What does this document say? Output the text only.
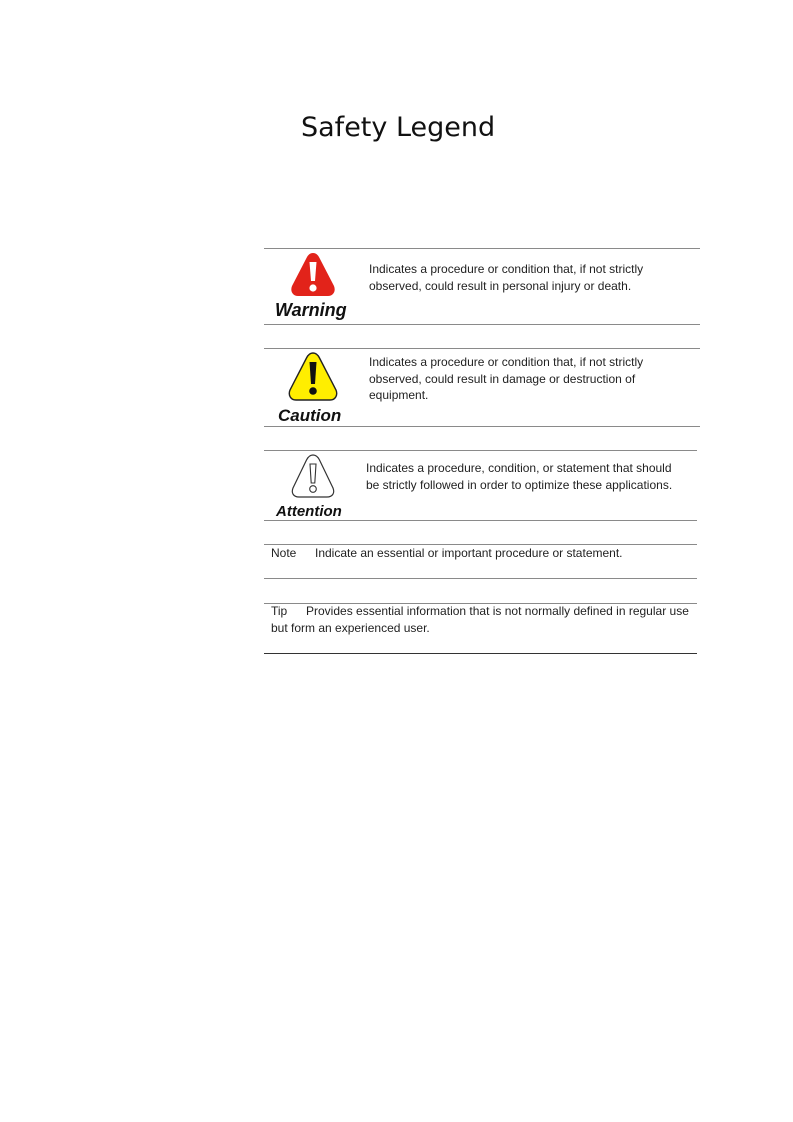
Safety Legend
Warning
Indicates a procedure or condition that, if not strictly observed, could result in personal injury or death.
Caution
Indicates a procedure or condition that, if not strictly observed, could result in damage or destruction of equipment.
Attention
Indicates a procedure, condition, or statement that should be strictly followed in order to optimize these applications.
Note Indicate an essential or important procedure or statement.
Tip	Provides essential information that is not normally defined in regular use but form an experienced user.
